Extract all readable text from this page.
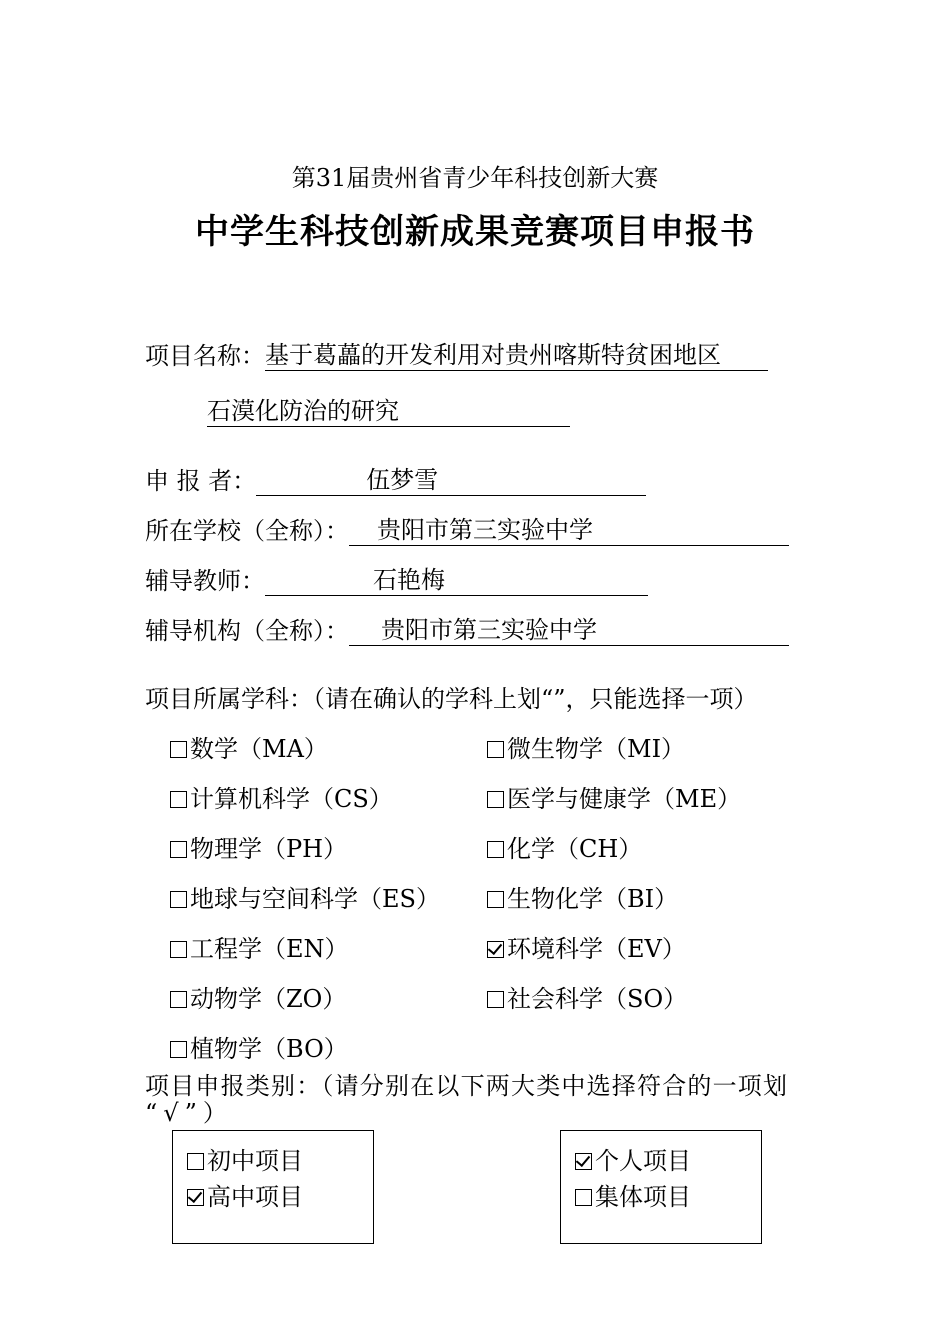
第31届贵州省青少年科技创新大赛
中学生科技创新成果竞赛项目申报书
项目名称：基于葛藟的开发利用对贵州喀斯特贫困地区
石漠化防治的研究
申 报 者：	伍梦雪
所在学校（全称）： 贵阳市第三实验中学
辅导教师：	石艳梅
辅导机构（全称）： 贵阳市第三实验中学
项目所属学科：（请在确认的学科上划“”，只能选择一项）
数学（MA）	微生物学（MI）
计算机科学（CS）	医学与健康学（ME）
物理学（PH）	化学（CH）
地球与空间科学（ES）	生物化学（BI）
工程学（EN）	环境科学（EV）
动物学（ZO）	社会科学（SO）
植物学（BO）
项目申报类别：（请分别在以下两大类中选择符合的一项划
“√”）
初中项目
高中项目
个人项目
集体项目
